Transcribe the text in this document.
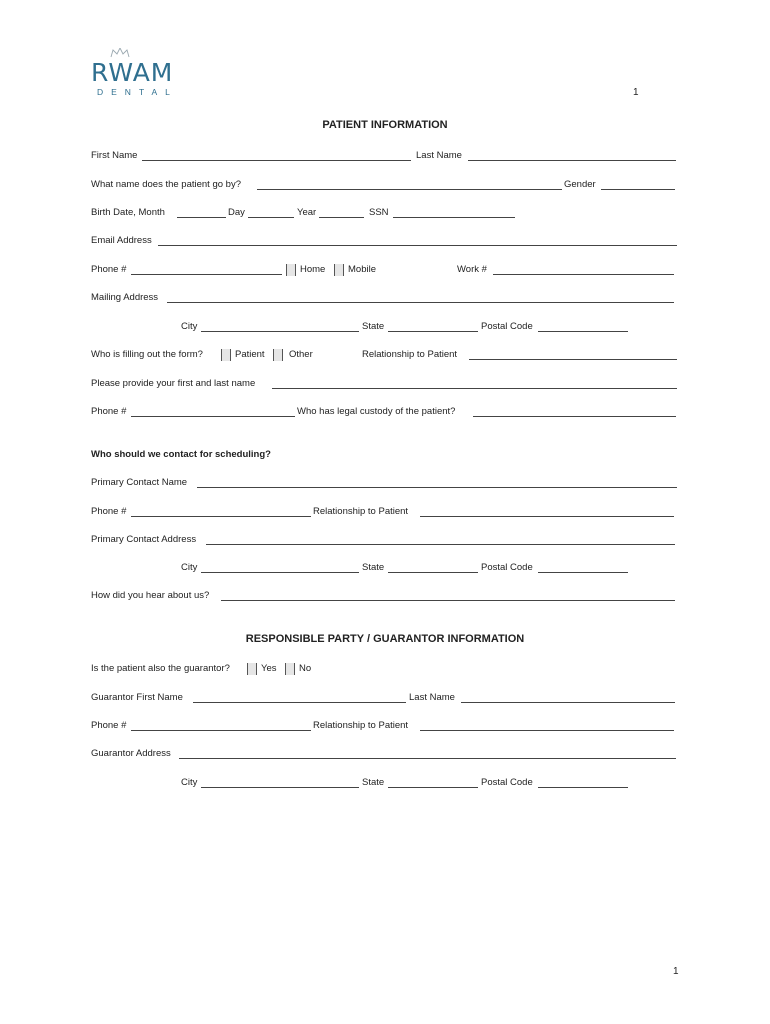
RWAM
DENTAL	1
PATIENT INFORMATION
First Name	Last Name
What name does the patient go by?	Gender
Birth Date, Month	Day	Year	SSN
Email Address
Phone #	Home Mobile	Work #
Mailing Address
City	State	Postal Code
Who is filling out the form?	Patient	Other	Relationship to Patient
Please provide your first and last name
Phone #	Who has legal custody of the patient?
Who should we contact for scheduling?
Primary Contact Name
Phone #	Relationship to Patient
Primary Contact Address
City	State	Postal Code
How did you hear about us?
RESPONSIBLE PARTY / GUARANTOR INFORMATION
Is the patient also the guarantor?	Yes No
Guarantor First Name	Last Name
Phone #	Relationship to Patient
Guarantor Address
City	State	Postal Code
1
